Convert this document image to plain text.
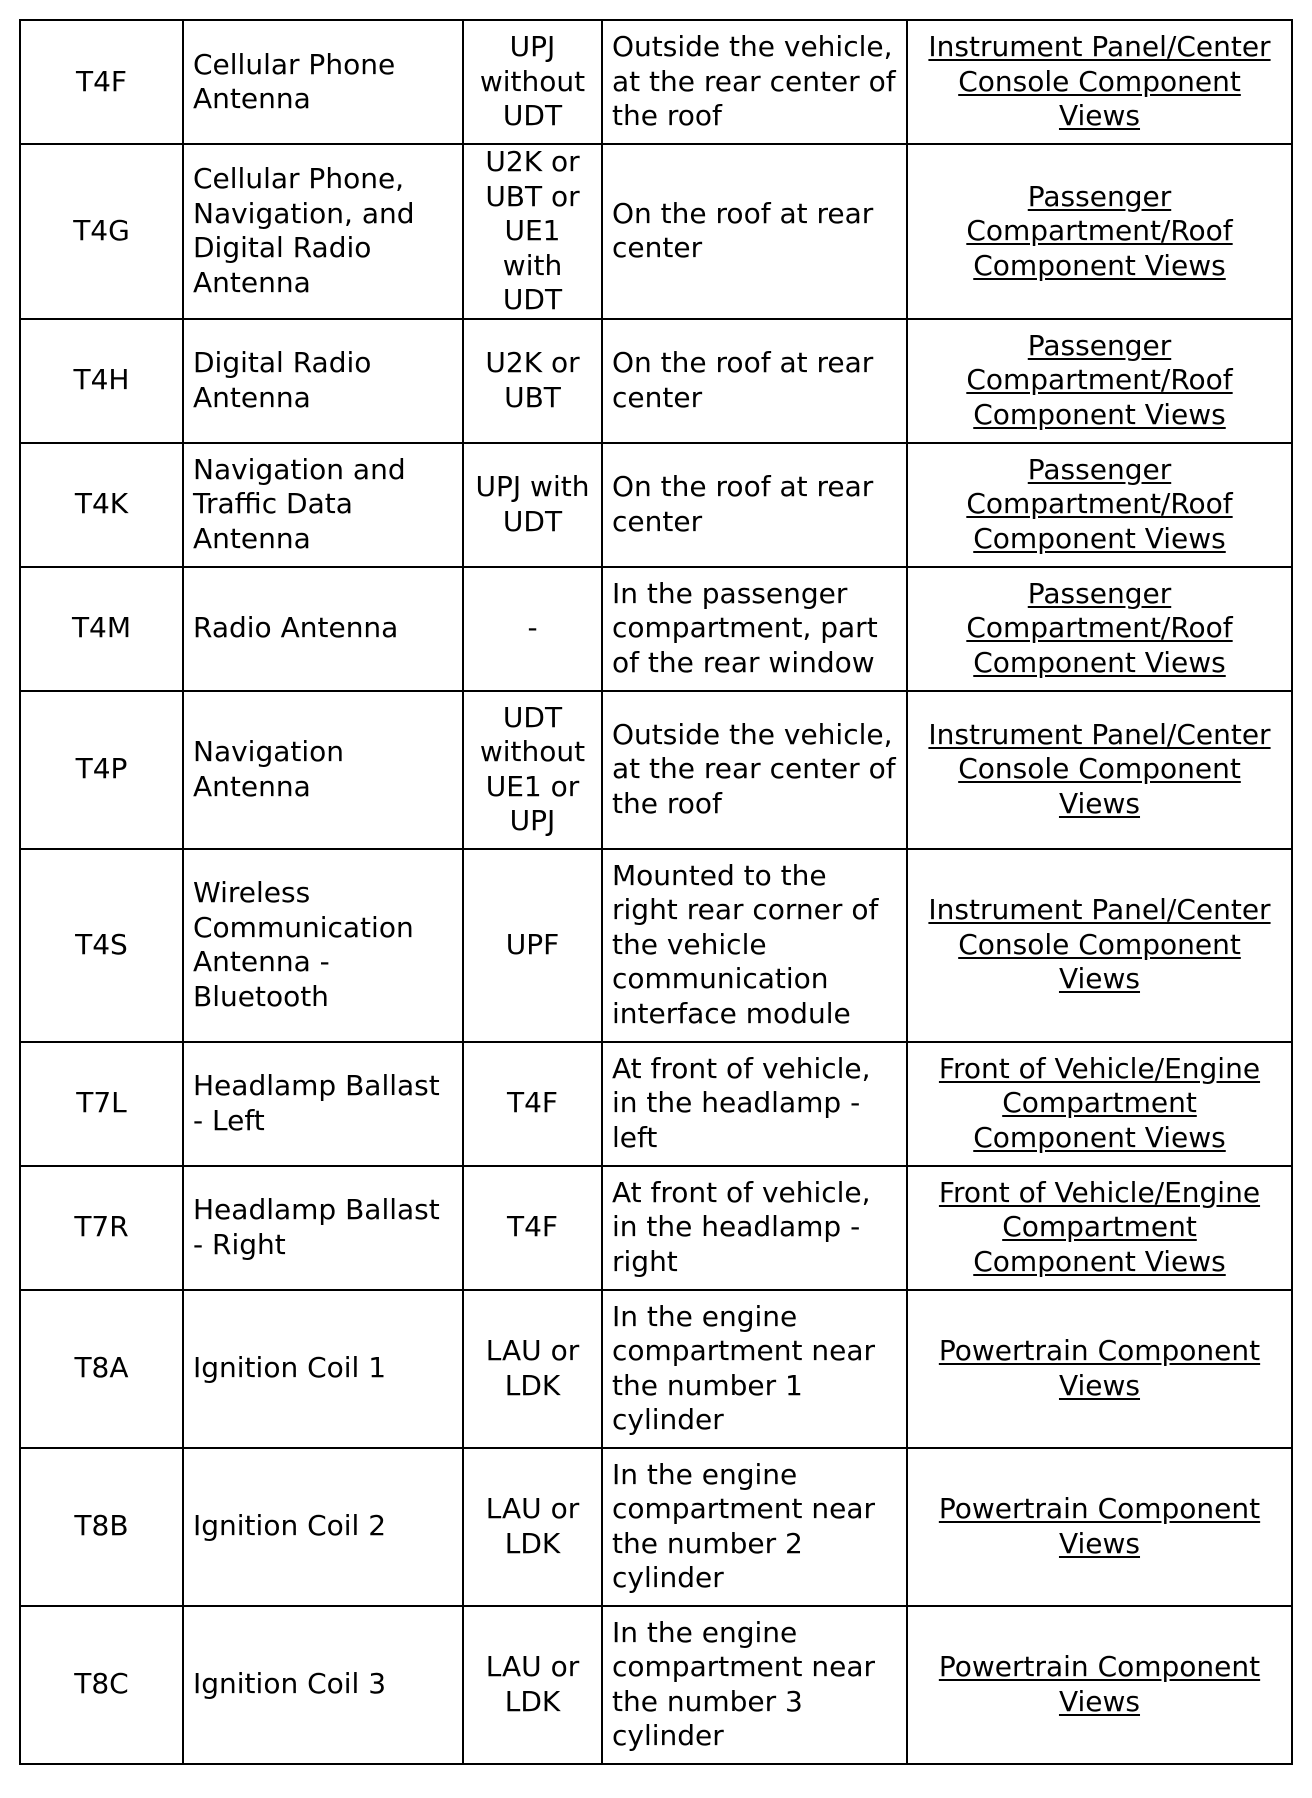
T4F	Cellular Phone Antenna	UPJ without UDT	Outside the vehicle, at the rear center of the roof	Instrument Panel/Center Console Component Views
T4G	Cellular Phone, Navigation, and Digital Radio Antenna	U2K or UBT or UE1 with UDT	On the roof at rear center	Passenger Compartment/Roof Component Views
T4H	Digital Radio Antenna	U2K or UBT	On the roof at rear center	Passenger Compartment/Roof Component Views
T4K	Navigation and Traffic Data Antenna	UPJ with UDT	On the roof at rear center	Passenger Compartment/Roof Component Views
T4M	Radio Antenna	-	In the passenger compartment, part of the rear window	Passenger Compartment/Roof Component Views
T4P	Navigation Antenna	UDT without UE1 or UPJ	Outside the vehicle, at the rear center of the roof	Instrument Panel/Center Console Component Views
T4S	Wireless Communication Antenna - Bluetooth	UPF	Mounted to the right rear corner of the vehicle communication interface module	Instrument Panel/Center Console Component Views
T7L	Headlamp Ballast - Left	T4F	At front of vehicle, in the headlamp - left	Front of Vehicle/Engine Compartment Component Views
T7R	Headlamp Ballast - Right	T4F	At front of vehicle, in the headlamp - right	Front of Vehicle/Engine Compartment Component Views
T8A	Ignition Coil 1	LAU or LDK	In the engine compartment near the number 1 cylinder	Powertrain Component Views
T8B	Ignition Coil 2	LAU or LDK	In the engine compartment near the number 2 cylinder	Powertrain Component Views
T8C	Ignition Coil 3	LAU or LDK	In the engine compartment near the number 3 cylinder	Powertrain Component Views
